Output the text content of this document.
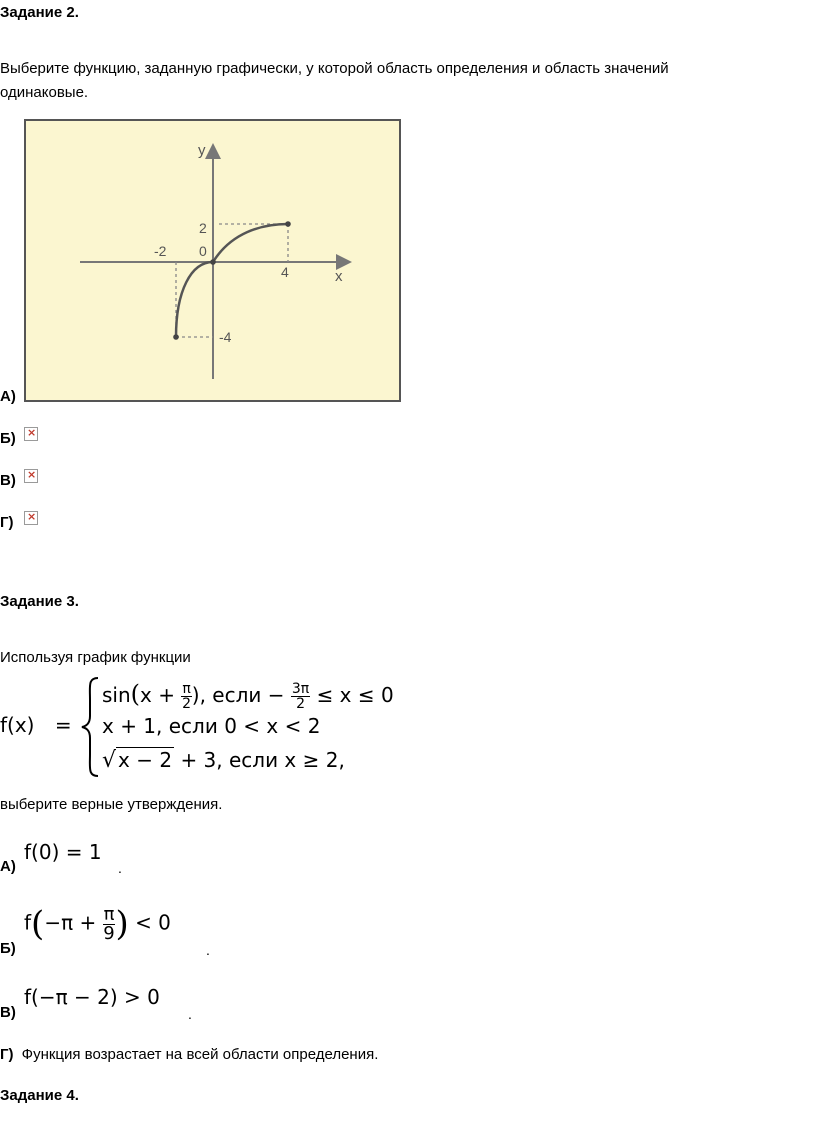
Задание 2.
Выберите функцию, заданную графически, у которой область определения и область значений
одинаковые.
y
x
-2 0
2
4
-4
А)
Б) ×
В) ×
Г) ×
Задание 3.
Используя график функции
f(x) =
$\sin(x + \frac{\pi}{2}$ ), если − $\frac{3\pi}{2} \le x \le 0$
x + 1, если 0 < x < 2
√ x − 2 + 3, если x ≥ 2,
выберите верные утверждения.
А)
f(0) = 1
.
Б)
$f(-\pi + \frac{\pi}{9}$ ) < 0
.
В)
f(−π − 2) > 0
.
Г) Функция возрастает на всей области определения.
Задание 4.
